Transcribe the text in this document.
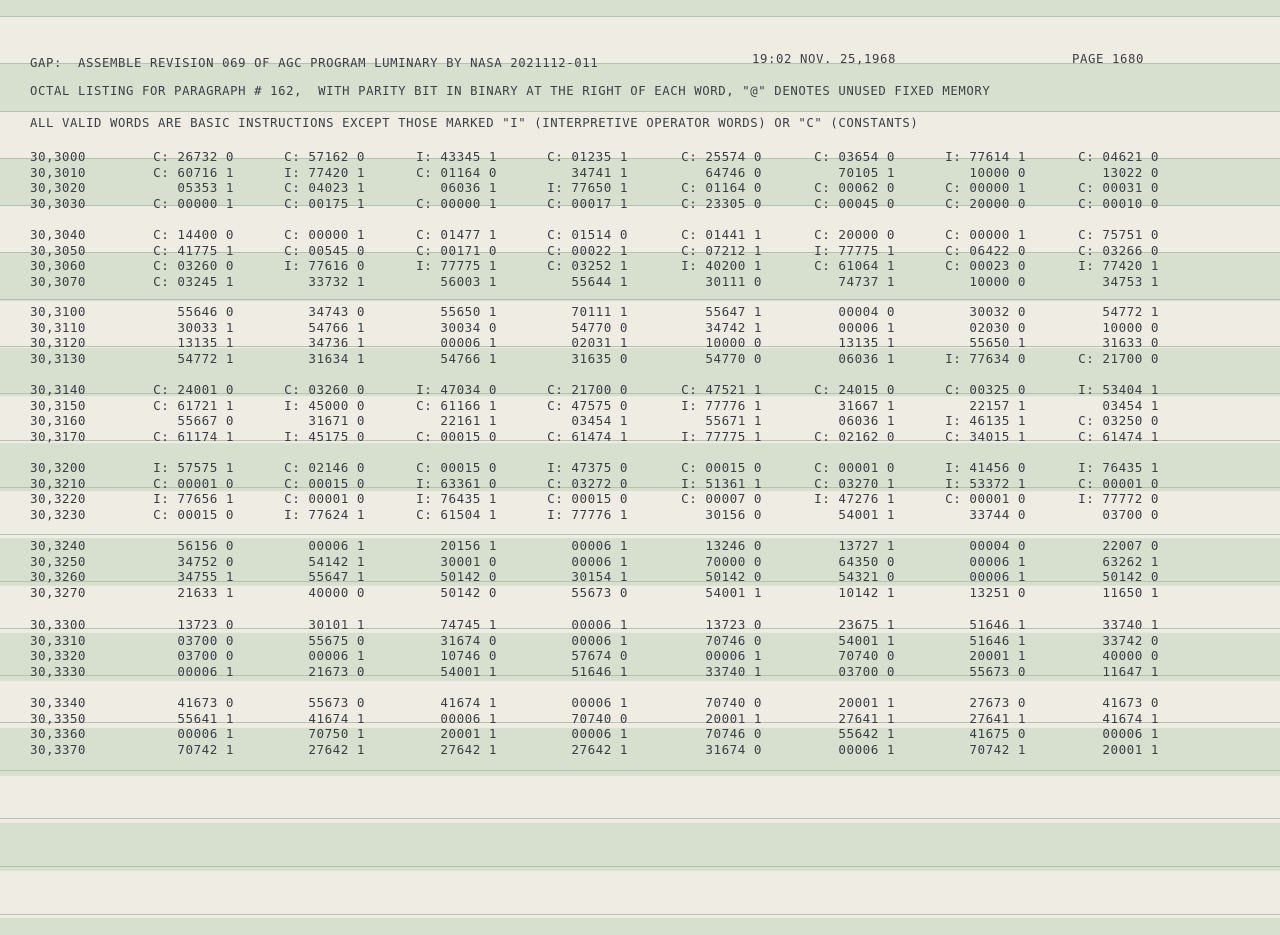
GAP:  ASSEMBLE REVISION 069 OF AGC PROGRAM LUMINARY BY NASA 2021112-011	19:02 NOV. 25,1968	PAGE 1680
OCTAL LISTING FOR PARAGRAPH # 162,  WITH PARITY BIT IN BINARY AT THE RIGHT OF EACH WORD, "@" DENOTES UNUSED FIXED MEMORY
ALL VALID WORDS ARE BASIC INSTRUCTIONS EXCEPT THOSE MARKED "I" (INTERPRETIVE OPERATOR WORDS) OR "C" (CONSTANTS)
30,3000	C: 26732 0	C: 57162 0	I: 43345 1	C: 01235 1	C: 25574 0	C: 03654 0	I: 77614 1	C: 04621 0
30,3010	C: 60716 1	I: 77420 1	C: 01164 0	34741 1	64746 0	70105 1	10000 0	13022 0
30,3020	05353 1	C: 04023 1	06036 1	I: 77650 1	C: 01164 0	C: 00062 0	C: 00000 1	C: 00031 0
30,3030	C: 00000 1	C: 00175 1	C: 00000 1	C: 00017 1	C: 23305 0	C: 00045 0	C: 20000 0	C: 00010 0
30,3040	C: 14400 0	C: 00000 1	C: 01477 1	C: 01514 0	C: 01441 1	C: 20000 0	C: 00000 1	C: 75751 0
30,3050	C: 41775 1	C: 00545 0	C: 00171 0	C: 00022 1	C: 07212 1	I: 77775 1	C: 06422 0	C: 03266 0
30,3060	C: 03260 0	I: 77616 0	I: 77775 1	C: 03252 1	I: 40200 1	C: 61064 1	C: 00023 0	I: 77420 1
30,3070	C: 03245 1	33732 1	56003 1	55644 1	30111 0	74737 1	10000 0	34753 1
30,3100	55646 0	34743 0	55650 1	70111 1	55647 1	00004 0	30032 0	54772 1
30,3110	30033 1	54766 1	30034 0	54770 0	34742 1	00006 1	02030 0	10000 0
30,3120	13135 1	34736 1	00006 1	02031 1	10000 0	13135 1	55650 1	31633 0
30,3130	54772 1	31634 1	54766 1	31635 0	54770 0	06036 1	I: 77634 0	C: 21700 0
30,3140	C: 24001 0	C: 03260 0	I: 47034 0	C: 21700 0	C: 47521 1	C: 24015 0	C: 00325 0	I: 53404 1
30,3150	C: 61721 1	I: 45000 0	C: 61166 1	C: 47575 0	I: 77776 1	31667 1	22157 1	03454 1
30,3160	55667 0	31671 0	22161 1	03454 1	55671 1	06036 1	I: 46135 1	C: 03250 0
30,3170	C: 61174 1	I: 45175 0	C: 00015 0	C: 61474 1	I: 77775 1	C: 02162 0	C: 34015 1	C: 61474 1
30,3200	I: 57575 1	C: 02146 0	C: 00015 0	I: 47375 0	C: 00015 0	C: 00001 0	I: 41456 0	I: 76435 1
30,3210	C: 00001 0	C: 00015 0	I: 63361 0	C: 03272 0	I: 51361 1	C: 03270 1	I: 53372 1	C: 00001 0
30,3220	I: 77656 1	C: 00001 0	I: 76435 1	C: 00015 0	C: 00007 0	I: 47276 1	C: 00001 0	I: 77772 0
30,3230	C: 00015 0	I: 77624 1	C: 61504 1	I: 77776 1	30156 0	54001 1	33744 0	03700 0
30,3240	56156 0	00006 1	20156 1	00006 1	13246 0	13727 1	00004 0	22007 0
30,3250	34752 0	54142 1	30001 0	00006 1	70000 0	64350 0	00006 1	63262 1
30,3260	34755 1	55647 1	50142 0	30154 1	50142 0	54321 0	00006 1	50142 0
30,3270	21633 1	40000 0	50142 0	55673 0	54001 1	10142 1	13251 0	11650 1
30,3300	13723 0	30101 1	74745 1	00006 1	13723 0	23675 1	51646 1	33740 1
30,3310	03700 0	55675 0	31674 0	00006 1	70746 0	54001 1	51646 1	33742 0
30,3320	03700 0	00006 1	10746 0	57674 0	00006 1	70740 0	20001 1	40000 0
30,3330	00006 1	21673 0	54001 1	51646 1	33740 1	03700 0	55673 0	11647 1
30,3340	41673 0	55673 0	41674 1	00006 1	70740 0	20001 1	27673 0	41673 0
30,3350	55641 1	41674 1	00006 1	70740 0	20001 1	27641 1	27641 1	41674 1
30,3360	00006 1	70750 1	20001 1	00006 1	70746 0	55642 1	41675 0	00006 1
30,3370	70742 1	27642 1	27642 1	27642 1	31674 0	00006 1	70742 1	20001 1
